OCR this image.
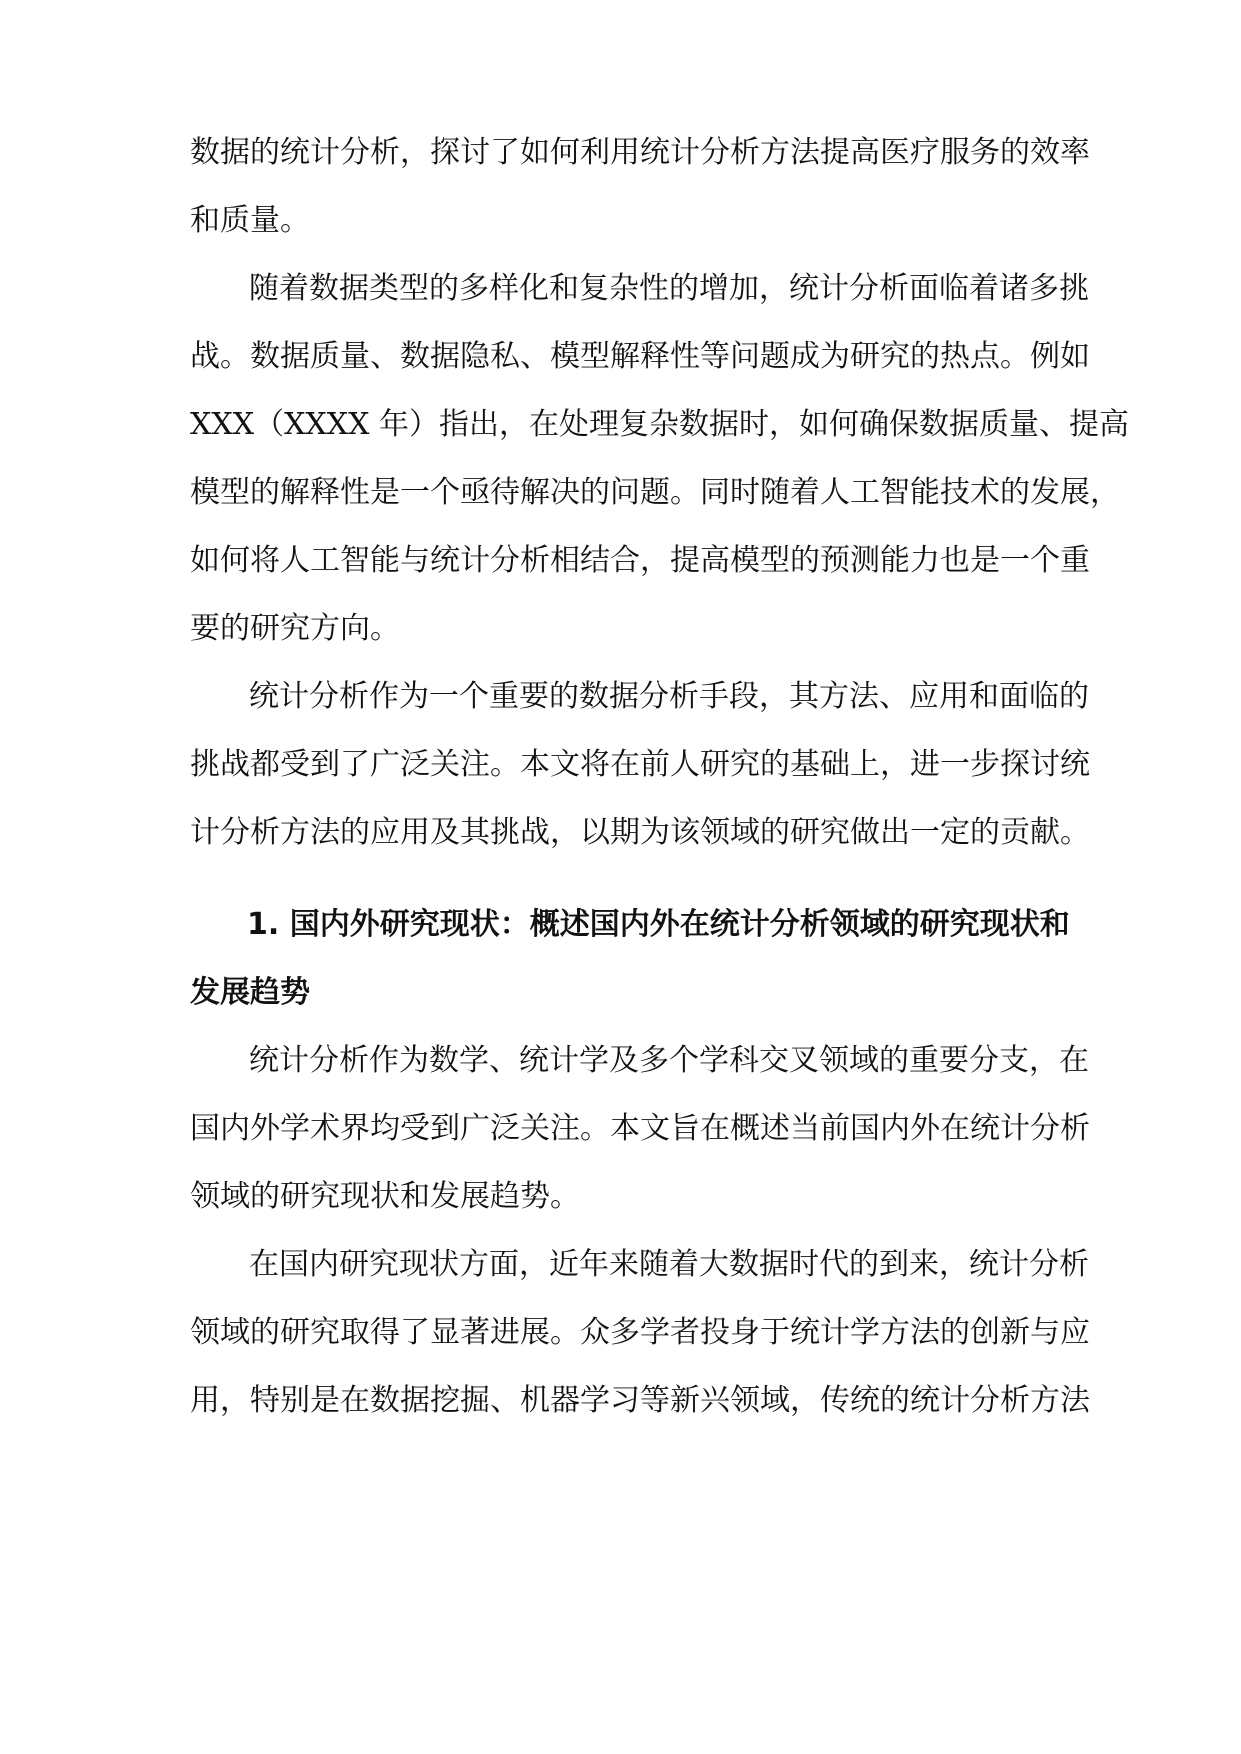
数据的统计分析，探讨了如何利用统计分析方法提高医疗服务的效率
和质量。
随着数据类型的多样化和复杂性的增加，统计分析面临着诸多挑
战。数据质量、数据隐私、模型解释性等问题成为研究的热点。例如
XXX（XXXX 年）指出，在处理复杂数据时，如何确保数据质量、提高
模型的解释性是一个亟待解决的问题。同时随着人工智能技术的发展，
如何将人工智能与统计分析相结合，提高模型的预测能力也是一个重
要的研究方向。
统计分析作为一个重要的数据分析手段，其方法、应用和面临的
挑战都受到了广泛关注。本文将在前人研究的基础上，进一步探讨统
计分析方法的应用及其挑战，以期为该领域的研究做出一定的贡献。
1. 国内外研究现状：概述国内外在统计分析领域的研究现状和
发展趋势
统计分析作为数学、统计学及多个学科交叉领域的重要分支，在
国内外学术界均受到广泛关注。本文旨在概述当前国内外在统计分析
领域的研究现状和发展趋势。
在国内研究现状方面，近年来随着大数据时代的到来，统计分析
领域的研究取得了显著进展。众多学者投身于统计学方法的创新与应
用，特别是在数据挖掘、机器学习等新兴领域，传统的统计分析方法
